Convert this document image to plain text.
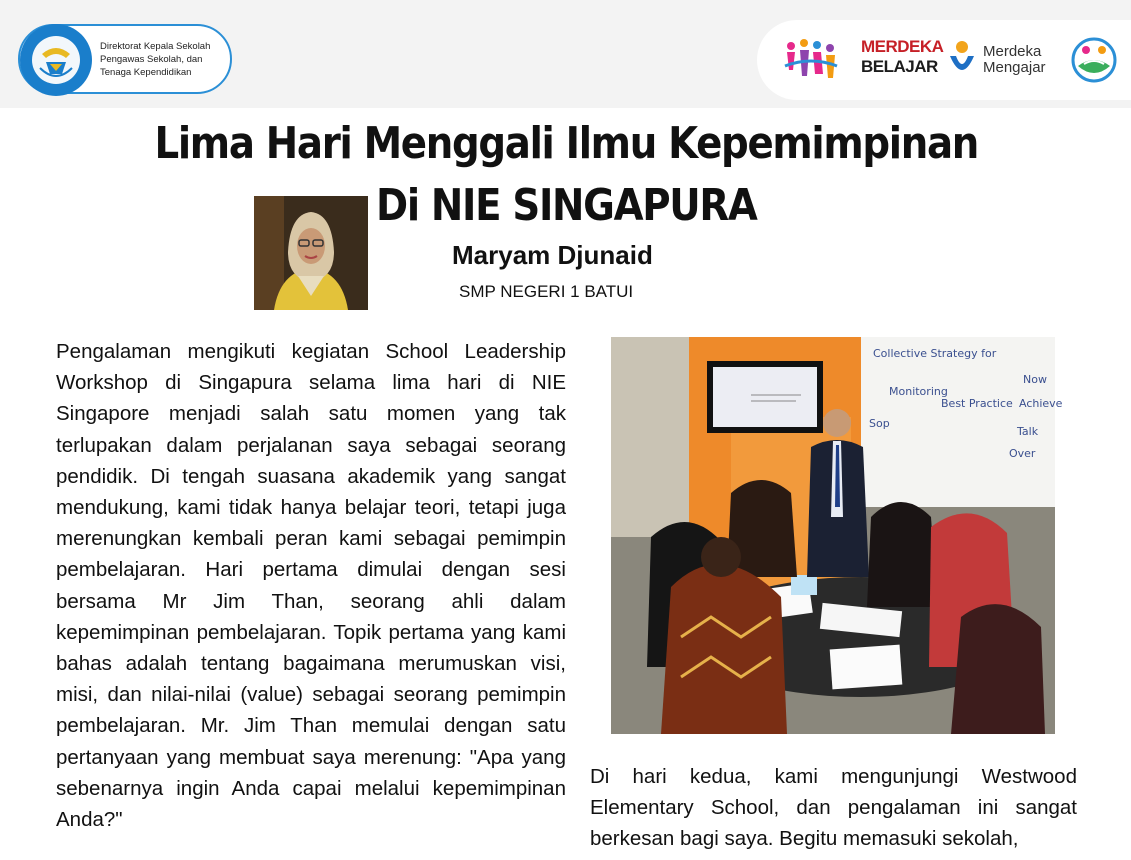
Direktorat Kepala Sekolah
Pengawas Sekolah, dan
Tenaga Kependidikan
MERDEKA
BELAJAR
Merdeka
Mengajar
Lima Hari Menggali Ilmu Kepemimpinan
Di NIE SINGAPURA
Maryam Djunaid
SMP NEGERI 1 BATUI

Pengalaman mengikuti kegiatan School Leadership Workshop di Singapura selama lima hari di NIE Singapore menjadi salah satu momen yang tak terlupakan dalam perjalanan saya sebagai seorang pendidik. Di tengah suasana akademik yang sangat mendukung, kami tidak hanya belajar teori, tetapi juga merenungkan kembali peran kami sebagai pemimpin pembelajaran. Hari pertama dimulai dengan sesi bersama Mr Jim Than, seorang ahli dalam kepemimpinan pembelajaran. Topik pertama yang kami bahas adalah tentang bagaimana merumuskan visi, misi, dan nilai-nilai (value) sebagai seorang pemimpin pembelajaran. Mr. Jim Than memulai dengan satu pertanyaan yang membuat saya merenung: "Apa yang sebenarnya ingin Anda capai melalui kepemimpinan Anda?"

Collective Strategy for
Monitoring
Best Practice
Now
Achieve
Talk
Over
Sop

Di hari kedua, kami mengunjungi Westwood Elementary School, dan pengalaman ini sangat berkesan bagi saya. Begitu memasuki sekolah,
